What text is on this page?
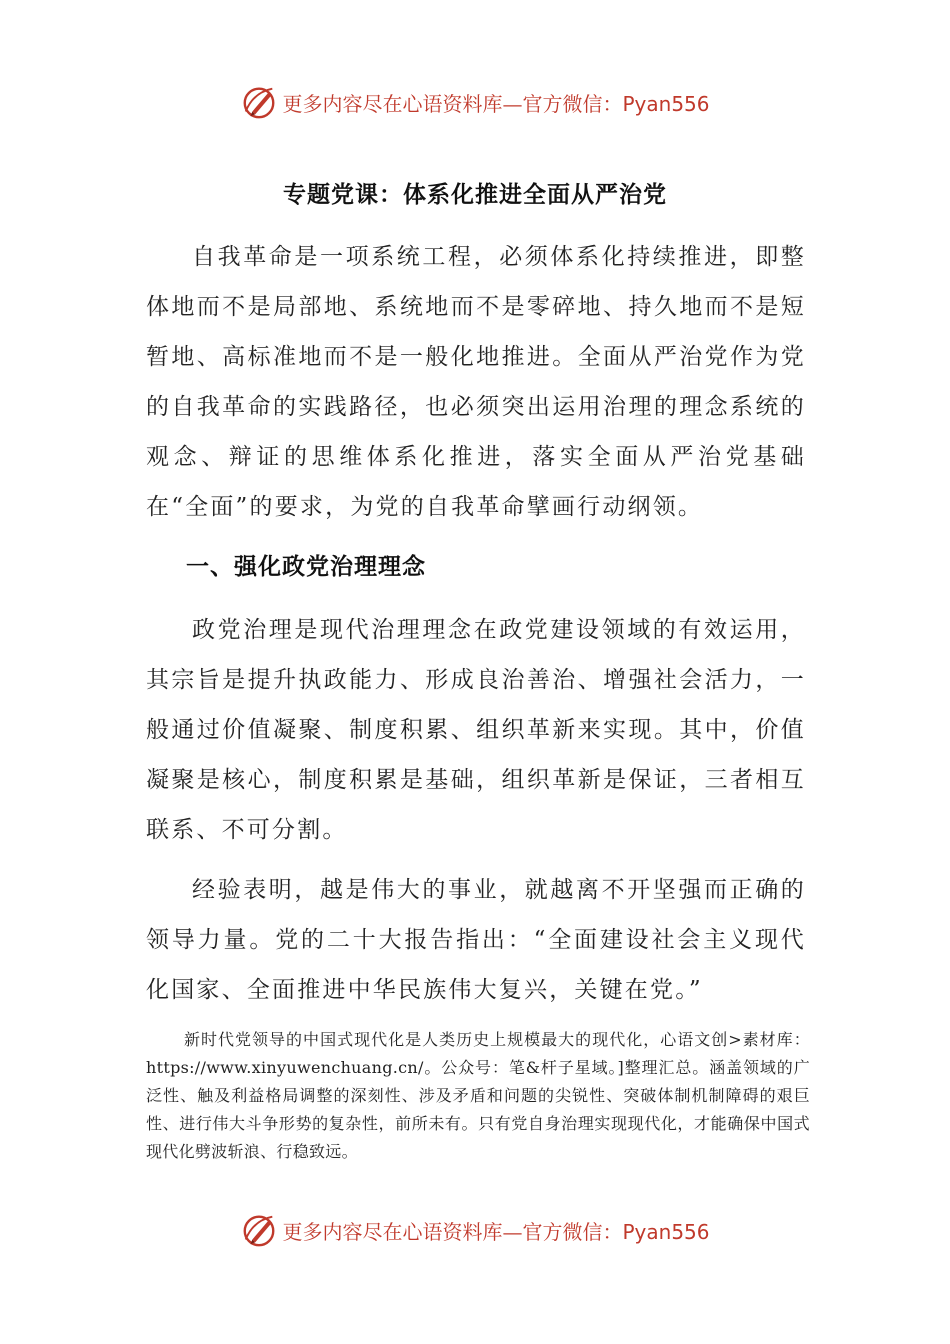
更多内容尽在心语资料库—官方微信：Pyan556
专题党课：体系化推进全面从严治党

自我革命是一项系统工程，必须体系化持续推进，即整体地而不是局部地、系统地而不是零碎地、持久地而不是短暂地、高标准地而不是一般化地推进。全面从严治党作为党的自我革命的实践路径，也必须突出运用治理的理念系统的观念、辩证的思维体系化推进，落实全面从严治党基础在“全面”的要求，为党的自我革命擘画行动纲领。

一、强化政党治理理念

政党治理是现代治理理念在政党建设领域的有效运用，其宗旨是提升执政能力、形成良治善治、增强社会活力，一般通过价值凝聚、制度积累、组织革新来实现。其中，价值凝聚是核心，制度积累是基础，组织革新是保证，三者相互联系、不可分割。

经验表明，越是伟大的事业，就越离不开坚强而正确的领导力量。党的二十大报告指出：“全面建设社会主义现代化国家、全面推进中华民族伟大复兴，关键在党。”

新时代党领导的中国式现代化是人类历史上规模最大的现代化，心语文创>素材库：https://www.xinyuwenchuang.cn/。公众号：笔&杆子星域。]整理汇总。涵盖领域的广泛性、触及利益格局调整的深刻性、涉及矛盾和问题的尖锐性、突破体制机制障碍的艰巨性、进行伟大斗争形势的复杂性，前所未有。只有党自身治理实现现代化，才能确保中国式现代化劈波斩浪、行稳致远。

更多内容尽在心语资料库—官方微信：Pyan556
